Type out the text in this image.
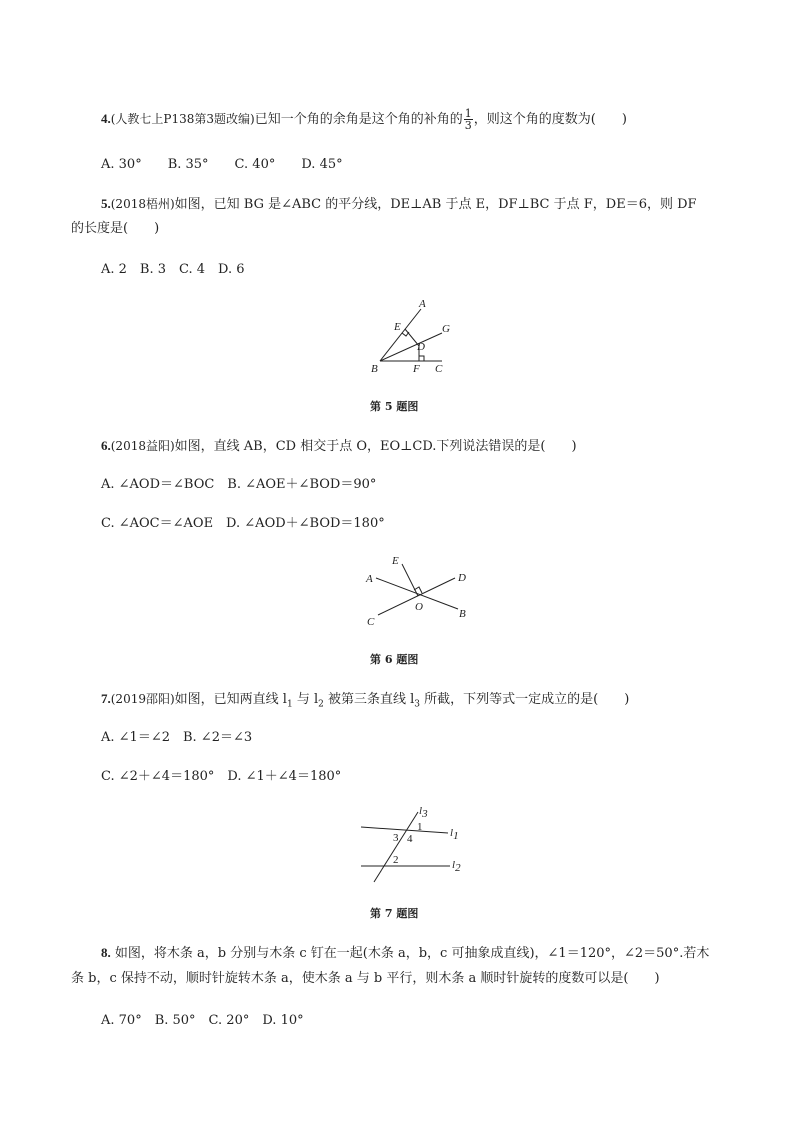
4.(人教七上P138第3题改编)已知一个角的余角是这个角的补角的 $\frac{1}{3}$ ，则这个角的度数为(　　)
A. 30°　　B. 35°　　C. 40°　　D. 45°
5.(2018梧州)如图，已知 BG 是∠ABC 的平分线，DE⊥AB 于点 E，DF⊥BC 于点 F，DE＝6，则 DF
的长度是(　　)
A. 2　B. 3　C. 4　D. 6
A
E	G
D
B	F C
第 5 题图
6.(2018益阳)如图，直线 AB，CD 相交于点 O，EO⊥CD.下列说法错误的是(　　)
A. ∠AOD＝∠BOC　B. ∠AOE＋∠BOD＝90°
C. ∠AOC＝∠AOE　D. ∠AOD＋∠BOD＝180°
E
D
A
O
B
C
第 6 题图
7.(2019邵阳)如图，已知两直线 $l_1$ 与 $l_2$ 被第三条直线 $l_3$ 所截，下列等式一定成立的是(　　)
A. ∠1＝∠2　B. ∠2＝∠3
C. ∠2＋∠4＝180°　D. ∠1＋∠4＝180°
l3
l1
l2
1
3 4
2
第 7 题图
8. 如图，将木条 a，b 分别与木条 c 钉在一起(木条 a，b，c 可抽象成直线)，∠1＝120°，∠2＝50°.若木
条 b，c 保持不动，顺时针旋转木条 a，使木条 a 与 b 平行，则木条 a 顺时针旋转的度数可以是(　　)
A. 70°　B. 50°　C. 20°　D. 10°
